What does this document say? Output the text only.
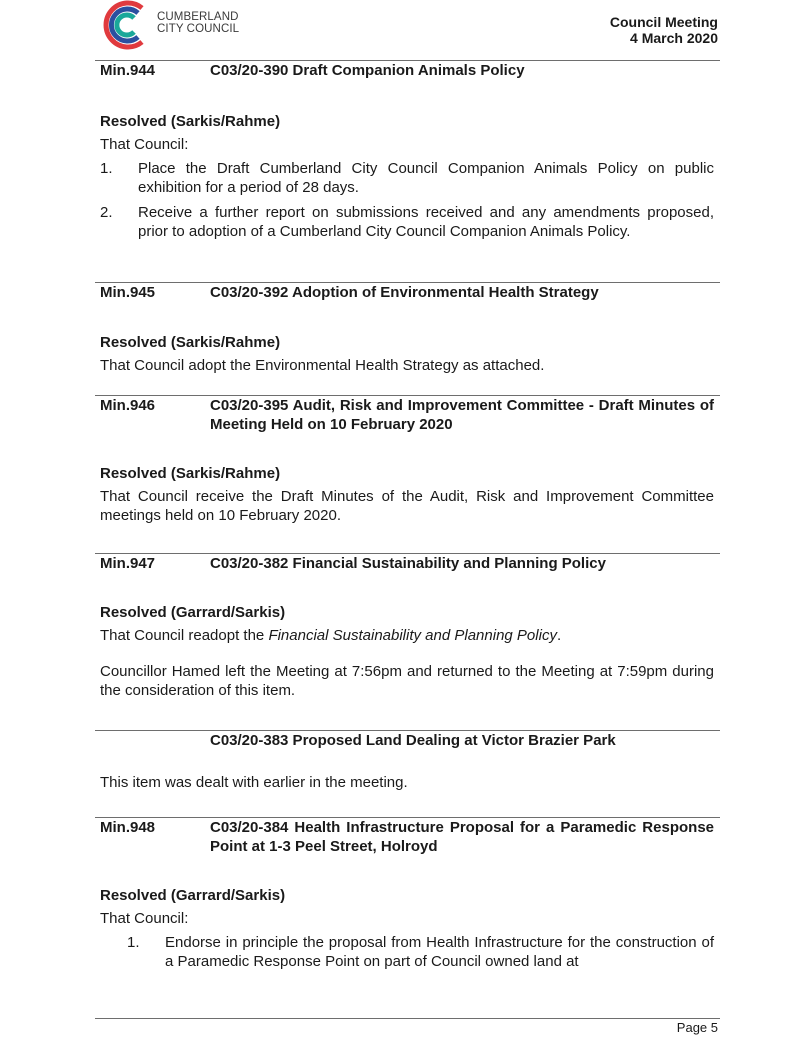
CUMBERLAND
CITY COUNCIL	Council Meeting
4 March 2020
Min.944	C03/20-390 Draft Companion Animals Policy
Resolved (Sarkis/Rahme)
That Council:
1. Place the Draft Cumberland City Council Companion Animals Policy on public exhibition for a period of 28 days.
2. Receive a further report on submissions received and any amendments proposed, prior to adoption of a Cumberland City Council Companion Animals Policy.
Min.945	C03/20-392 Adoption of Environmental Health Strategy
Resolved (Sarkis/Rahme)
That Council adopt the Environmental Health Strategy as attached.
Min.946	C03/20-395 Audit, Risk and Improvement Committee - Draft Minutes of Meeting Held on 10 February 2020
Resolved (Sarkis/Rahme)
That Council receive the Draft Minutes of the Audit, Risk and Improvement Committee meetings held on 10 February 2020.
Min.947	C03/20-382 Financial Sustainability and Planning Policy
Resolved (Garrard/Sarkis)
That Council readopt the Financial Sustainability and Planning Policy.
Councillor Hamed left the Meeting at 7:56pm and returned to the Meeting at 7:59pm during the consideration of this item.
C03/20-383 Proposed Land Dealing at Victor Brazier Park
This item was dealt with earlier in the meeting.
Min.948	C03/20-384 Health Infrastructure Proposal for a Paramedic Response Point at 1-3 Peel Street, Holroyd
Resolved (Garrard/Sarkis)
That Council:
1. Endorse in principle the proposal from Health Infrastructure for the construction of a Paramedic Response Point on part of Council owned land at
Page 5
